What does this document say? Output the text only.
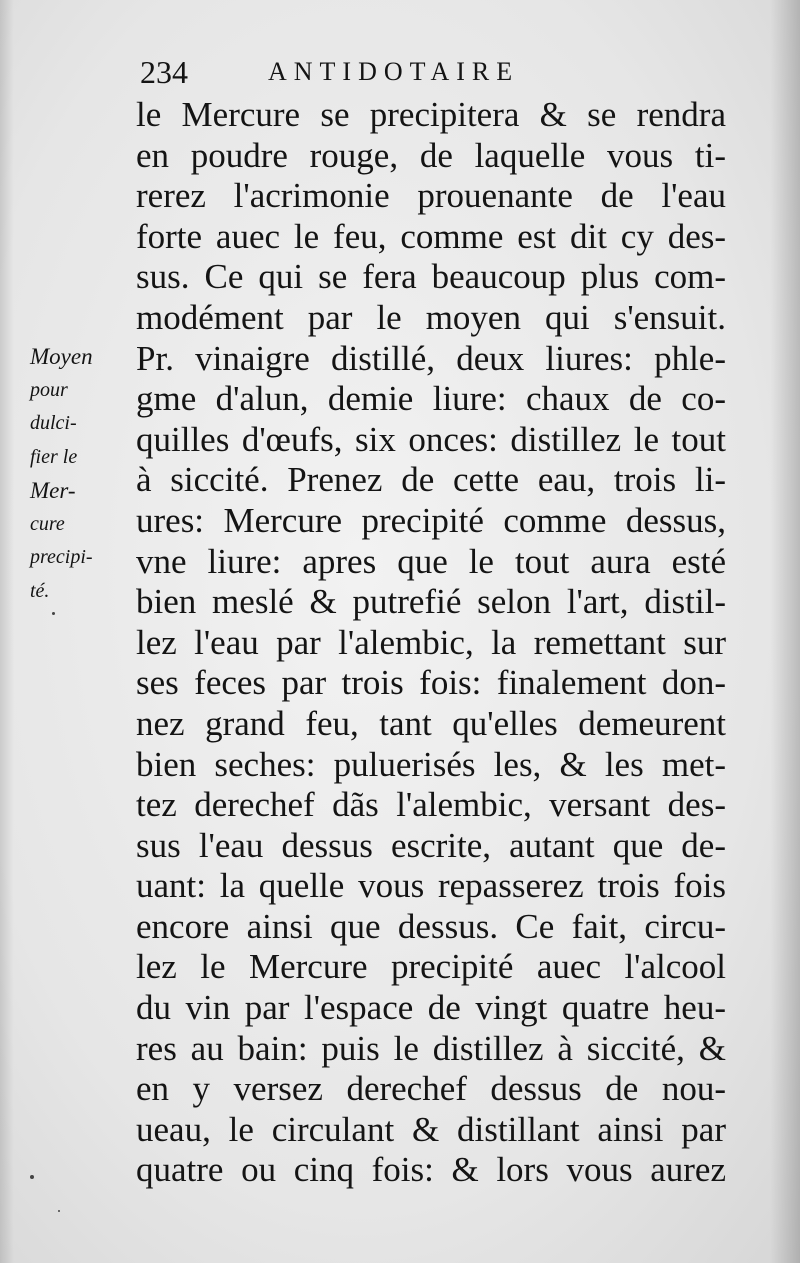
234	ANTIDOTAIRE
Moyen
pour
dulci-
fier le
Mer-
cure
precipi-
té.
le Mercure se precipitera & se rendra
en poudre rouge, de laquelle vous ti-
rerez l'acrimonie prouenante de l'eau
forte auec le feu, comme est dit cy des-
sus. Ce qui se fera beaucoup plus com-
modément par le moyen qui s'ensuit.
Pr. vinaigre distillé, deux liures: phle-
gme d'alun, demie liure: chaux de co-
quilles d'œufs, six onces: distillez le tout
à siccité. Prenez de cette eau, trois li-
ures: Mercure precipité comme dessus,
vne liure: apres que le tout aura esté
bien meslé & putrefié selon l'art, distil-
lez l'eau par l'alembic, la remettant sur
ses feces par trois fois: finalement don-
nez grand feu, tant qu'elles demeurent
bien seches: puluerisés les, & les met-
tez derechef dãs l'alembic, versant des-
sus l'eau dessus escrite, autant que de-
uant: la quelle vous repasserez trois fois
encore ainsi que dessus. Ce fait, circu-
lez le Mercure precipité auec l'alcool
du vin par l'espace de vingt quatre heu-
res au bain: puis le distillez à siccité, &
en y versez derechef dessus de nou-
ueau, le circulant & distillant ainsi par
quatre ou cinq fois: & lors vous aurez
